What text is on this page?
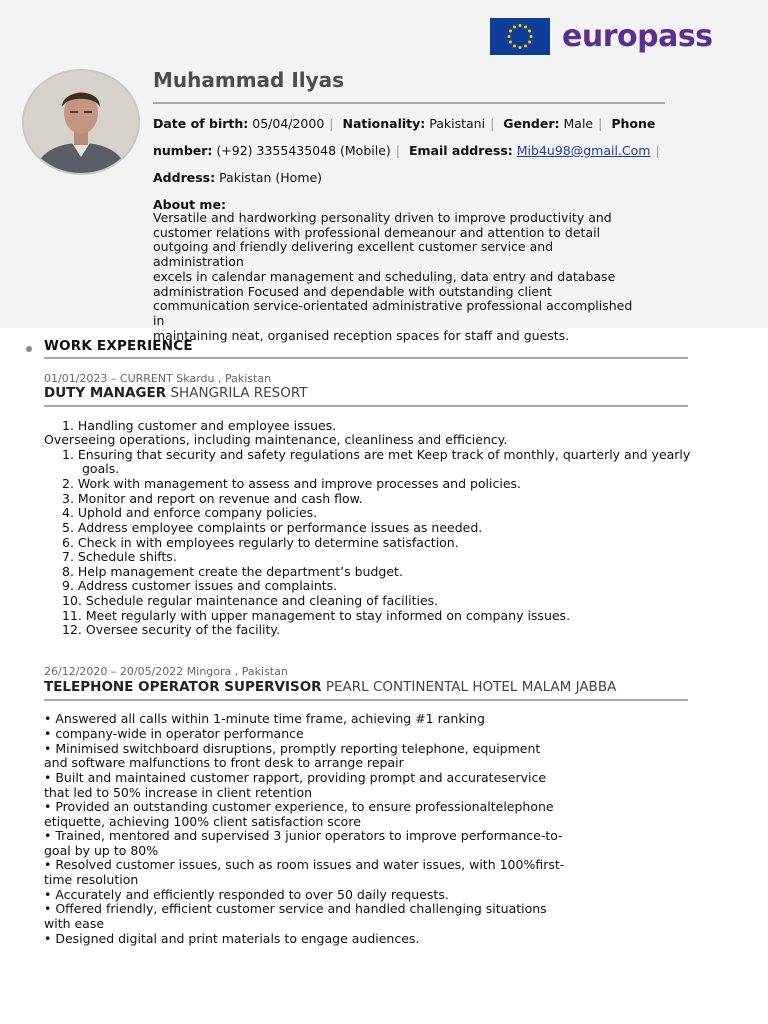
europass
Muhammad Ilyas
Date of birth: 05/04/2000 | Nationality: Pakistani | Gender: Male | Phone
number: (+92) 3355435048 (Mobile) | Email address: Mib4u98@gmail.Com |
Address: Pakistan (Home)
About me:
Versatile and hardworking personality driven to improve productivity and
customer relations with professional demeanour and attention to detail
outgoing and friendly delivering excellent customer service and administration
excels in calendar management and scheduling, data entry and database
administration Focused and dependable with outstanding client
communication service-orientated administrative professional accomplished in
maintaining neat, organised reception spaces for staff and guests.
WORK EXPERIENCE
01/01/2023 – CURRENT Skardu , Pakistan
DUTY MANAGER SHANGRILA RESORT
1. Handling customer and employee issues.
Overseeing operations, including maintenance, cleanliness and efficiency.
1. Ensuring that security and safety regulations are met Keep track of monthly, quarterly and yearly
goals.
2. Work with management to assess and improve processes and policies.
3. Monitor and report on revenue and cash flow.
4. Uphold and enforce company policies.
5. Address employee complaints or performance issues as needed.
6. Check in with employees regularly to determine satisfaction.
7. Schedule shifts.
8. Help management create the department’s budget.
9. Address customer issues and complaints.
10. Schedule regular maintenance and cleaning of facilities.
11. Meet regularly with upper management to stay informed on company issues.
12. Oversee security of the facility.
26/12/2020 – 20/05/2022 Mingora , Pakistan
TELEPHONE OPERATOR SUPERVISOR PEARL CONTINENTAL HOTEL MALAM JABBA
• Answered all calls within 1-minute time frame, achieving #1 ranking
• company-wide in operator performance
• Minimised switchboard disruptions, promptly reporting telephone, equipment
and software malfunctions to front desk to arrange repair
• Built and maintained customer rapport, providing prompt and accurateservice
that led to 50% increase in client retention
• Provided an outstanding customer experience, to ensure professionaltelephone
etiquette, achieving 100% client satisfaction score
• Trained, mentored and supervised 3 junior operators to improve performance-to-
goal by up to 80%
• Resolved customer issues, such as room issues and water issues, with 100%first-
time resolution
• Accurately and efficiently responded to over 50 daily requests.
• Offered friendly, efficient customer service and handled challenging situations
with ease
• Designed digital and print materials to engage audiences.
